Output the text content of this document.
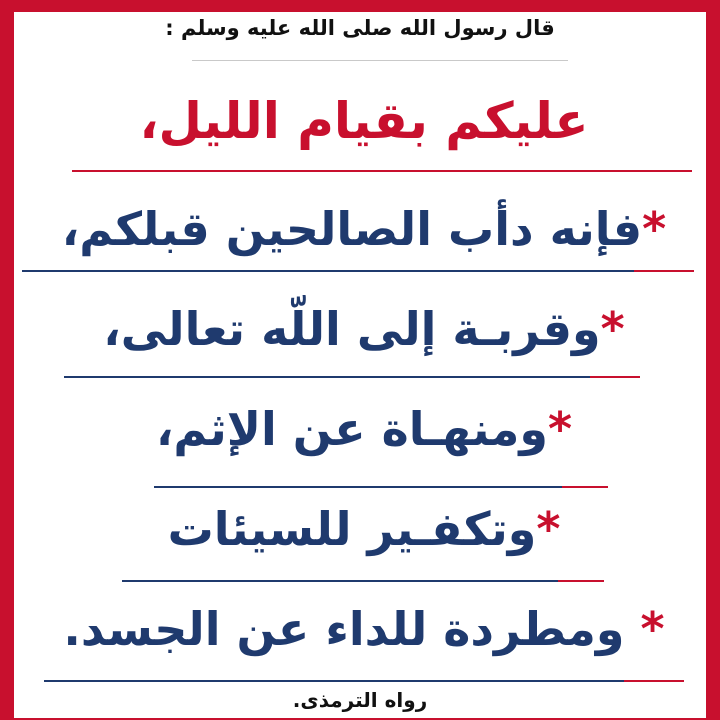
قال رسول الله صلى الله عليه وسلم :
عليكم بقيام الليل،
*فإنه دأب الصالحين قبلكم،
*وقربـة إلى اللّه تعالى،
*ومنهـاة عن الإثم،
*وتكفـير للسيئات
* ومطردة للداء عن الجسد.
رواه الترمذى.
